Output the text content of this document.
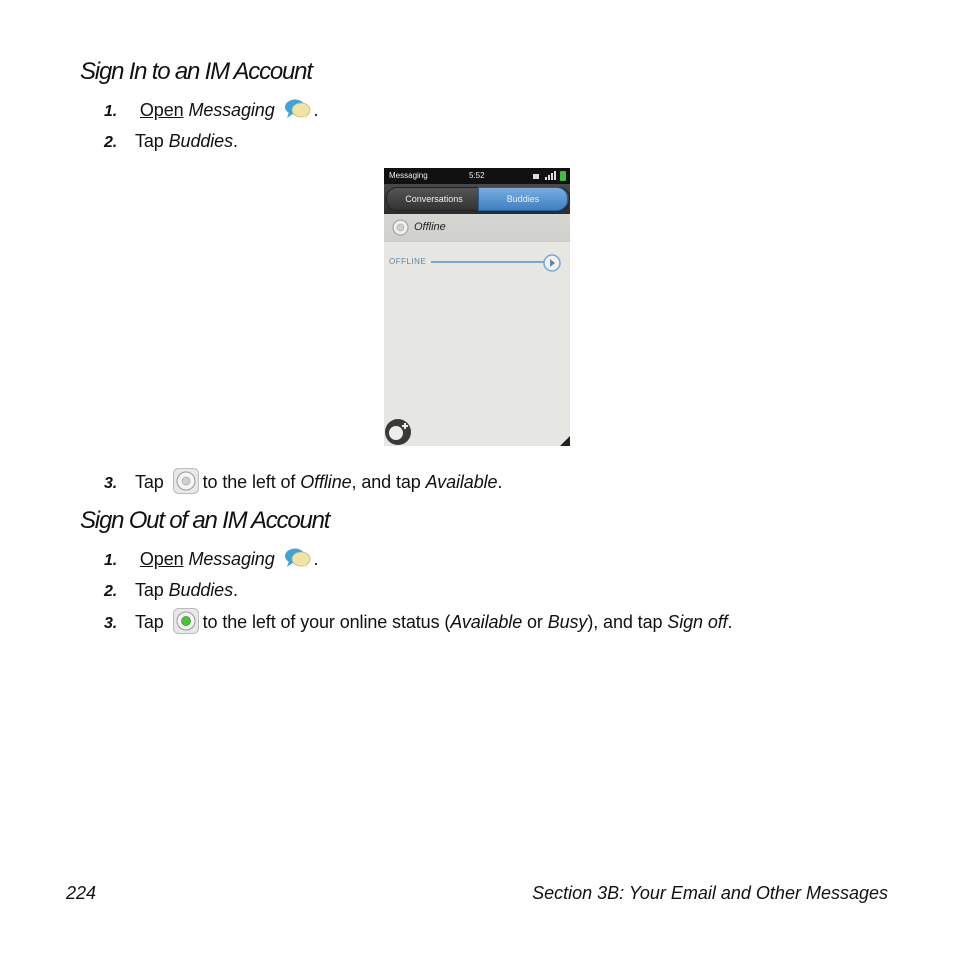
Sign In to an IM Account
1. Open Messaging .
2. Tap Buddies.
Messaging	5:52
Conversations	Buddies
Offline
OFFLINE
3. Tap to the left of Offline, and tap Available.
Sign Out of an IM Account
1. Open Messaging .
2. Tap Buddies.
3. Tap to the left of your online status (Available or Busy), and tap Sign off.
224	Section 3B: Your Email and Other Messages
